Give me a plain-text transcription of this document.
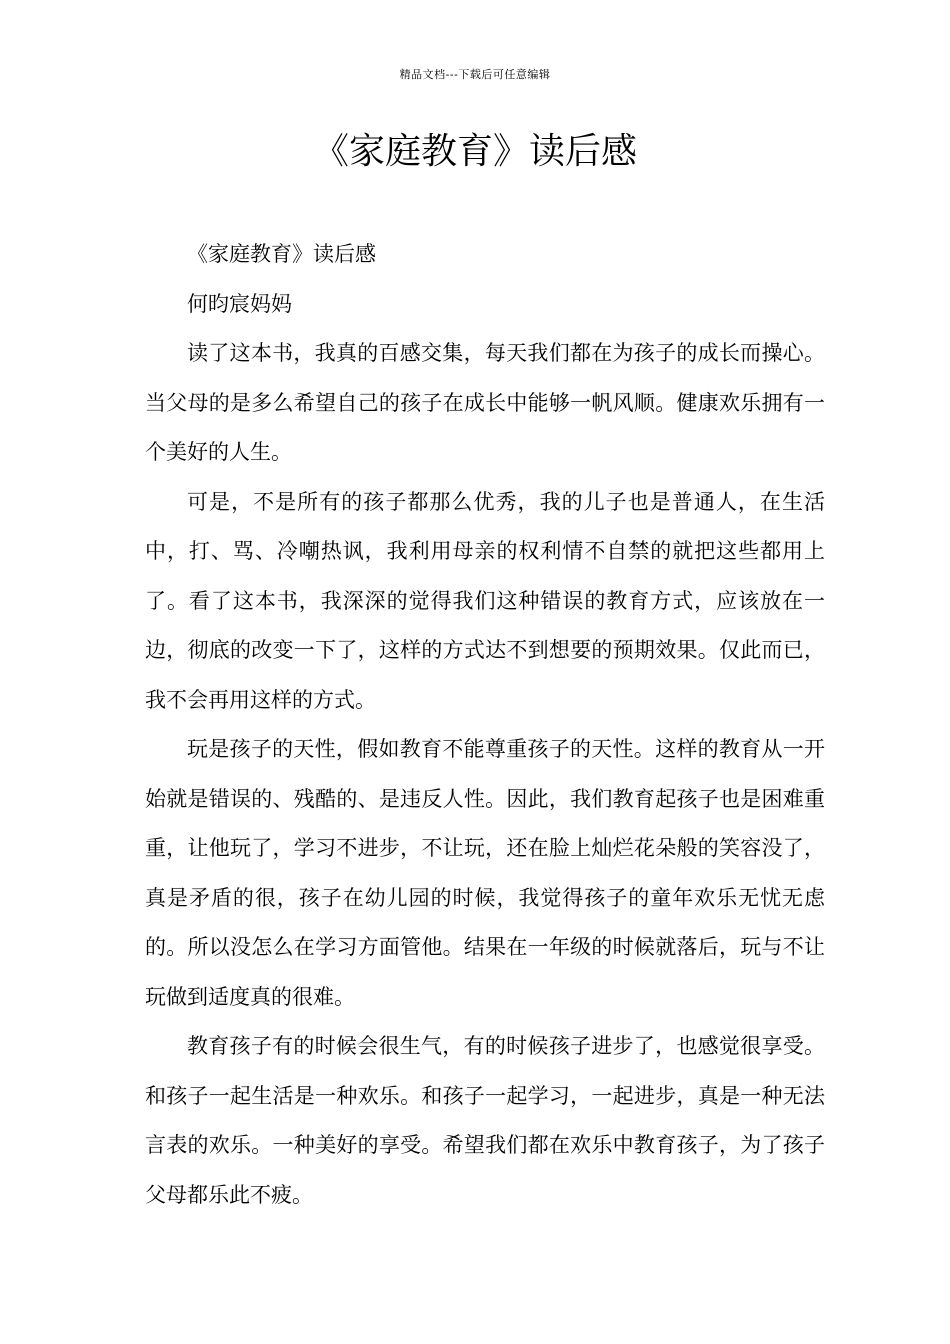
精品文档---下载后可任意编辑
《家庭教育》读后感

《家庭教育》读后感

何昀宸妈妈

读了这本书，我真的百感交集，每天我们都在为孩子的成长而操心。当父母的是多么希望自己的孩子在成长中能够一帆风顺。健康欢乐拥有一个美好的人生。

可是，不是所有的孩子都那么优秀，我的儿子也是普通人，在生活中，打、骂、冷嘲热讽，我利用母亲的权利情不自禁的就把这些都用上了。看了这本书，我深深的觉得我们这种错误的教育方式，应该放在一边，彻底的改变一下了，这样的方式达不到想要的预期效果。仅此而已，我不会再用这样的方式。

玩是孩子的天性，假如教育不能尊重孩子的天性。这样的教育从一开始就是错误的、残酷的、是违反人性。因此，我们教育起孩子也是困难重重，让他玩了，学习不进步，不让玩，还在脸上灿烂花朵般的笑容没了，真是矛盾的很，孩子在幼儿园的时候，我觉得孩子的童年欢乐无忧无虑的。所以没怎么在学习方面管他。结果在一年级的时候就落后，玩与不让玩做到适度真的很难。

教育孩子有的时候会很生气，有的时候孩子进步了，也感觉很享受。和孩子一起生活是一种欢乐。和孩子一起学习，一起进步，真是一种无法言表的欢乐。一种美好的享受。希望我们都在欢乐中教育孩子，为了孩子父母都乐此不疲。
